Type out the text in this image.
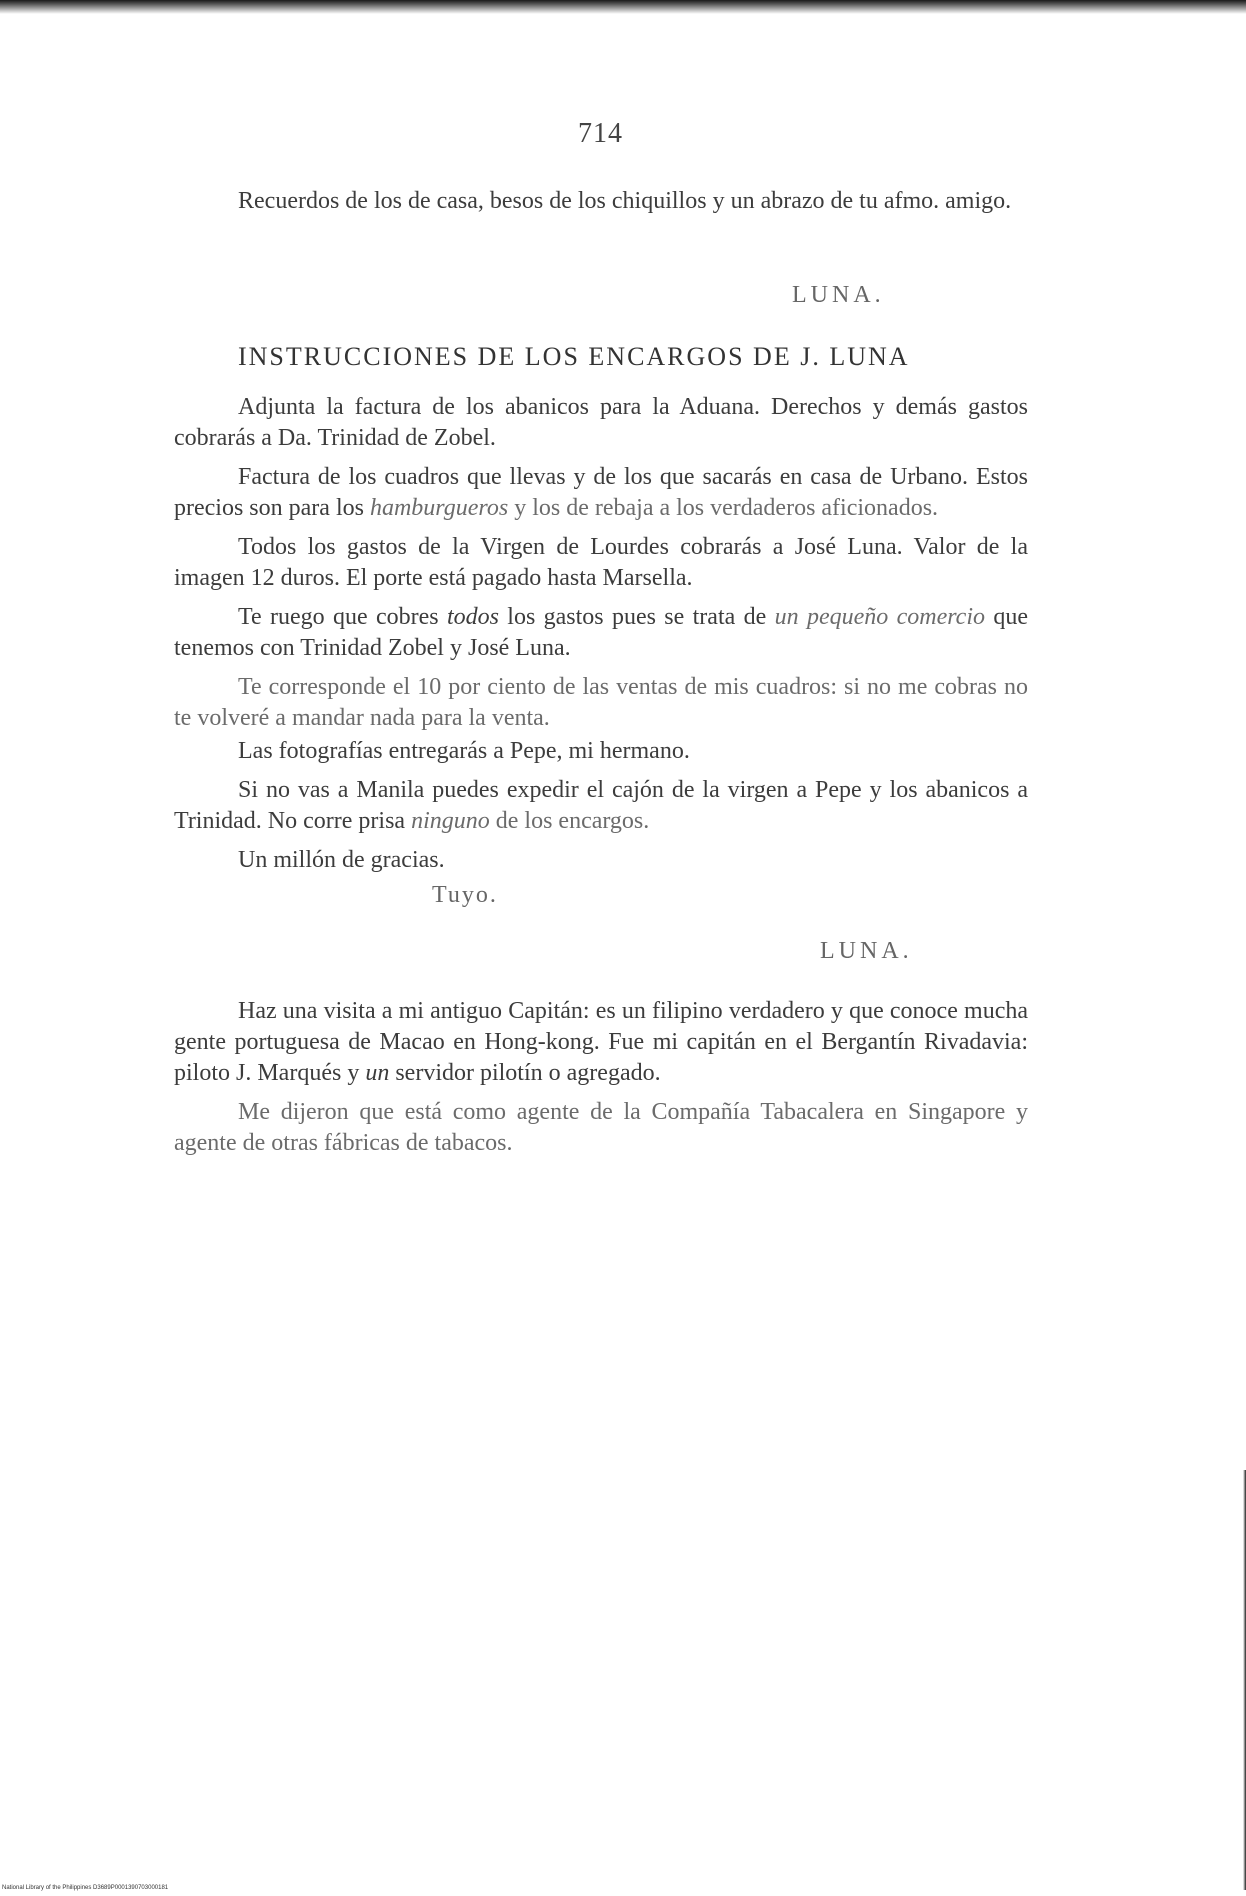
714

Recuerdos de los de casa, besos de los chiquillos y un abrazo de tu afmo. amigo.

LUNA.
INSTRUCCIONES DE LOS ENCARGOS DE J. LUNA

Adjunta la factura de los abanicos para la Aduana. Derechos y demás gastos cobrarás a Da. Trinidad de Zobel.

Factura de los cuadros que llevas y de los que sacarás en casa de Urbano. Estos precios son para los hamburgueros y los de rebaja a los verdaderos aficionados.

Todos los gastos de la Virgen de Lourdes cobrarás a José Luna. Valor de la imagen 12 duros. El porte está pagado hasta Marsella.

Te ruego que cobres todos los gastos pues se trata de un pequeño comercio que tenemos con Trinidad Zobel y José Luna.

Te corresponde el 10 por ciento de las ventas de mis cuadros: si no me cobras no te volveré a mandar nada para la venta.

Las fotografías entregarás a Pepe, mi hermano.

Si no vas a Manila puedes expedir el cajón de la virgen a Pepe y los abanicos a Trinidad. No corre prisa ninguno de los encargos.

Un millón de gracias.

Tuyo.
LUNA.

Haz una visita a mi antiguo Capitán: es un filipino verdadero y que conoce mucha gente portuguesa de Macao en Hong-kong. Fue mi capitán en el Bergantín Rivadavia: piloto J. Marqués y un servidor pilotín o agregado.

Me dijeron que está como agente de la Compañía Tabacalera en Singapore y agente de otras fábricas de tabacos.

National Library of the Philippines D3689P0001390703000181
